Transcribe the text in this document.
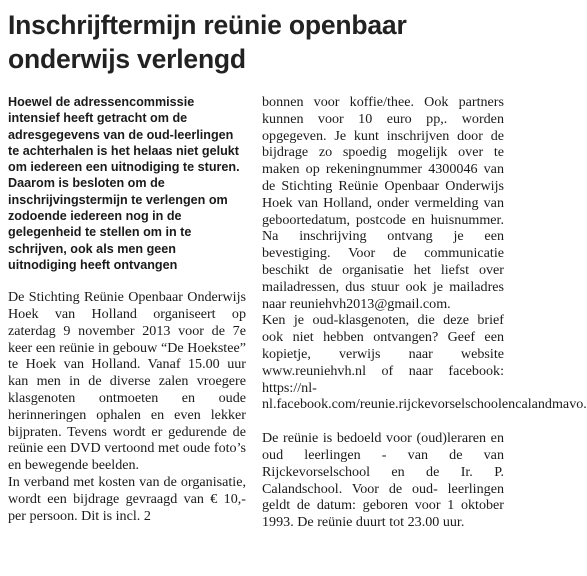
Inschrijftermijn reünie openbaar
onderwijs verlengd

Hoewel de adressencommissie intensief heeft getracht om de adresgegevens van de oud-leerlingen te achterhalen is het helaas niet gelukt om iedereen een uitnodiging te sturen. Daarom is besloten om de inschrijvingstermijn te verlengen om zodoende iedereen nog in de gelegenheid te stellen om in te schrijven, ook als men geen uitnodiging heeft ontvangen

De Stichting Reünie Openbaar Onderwijs Hoek van Holland organiseert op zaterdag 9 november 2013 voor de 7e keer een reünie in gebouw “De Hoekstee” te Hoek van Holland. Vanaf 15.00 uur kan men in de diverse zalen vroegere klasgenoten ontmoeten en oude herinneringen ophalen en even lekker bijpraten. Tevens wordt er gedurende de reünie een DVD vertoond met oude foto’s en bewegende beelden.

In verband met kosten van de organisatie, wordt een bijdrage gevraagd van € 10,- per persoon. Dit is incl. 2

bonnen voor koffie/thee. Ook partners kunnen voor 10 euro pp,. worden opgegeven. Je kunt inschrijven door de bijdrage zo spoedig mogelijk over te maken op rekeningnummer 4300046 van de Stichting Reünie Openbaar Onderwijs Hoek van Holland, onder vermelding van geboortedatum, postcode en huisnummer. Na inschrijving ontvang je een bevestiging. Voor de communicatie beschikt de organisatie het liefst over mailadressen, dus stuur ook je mailadres naar reuniehvh2013@gmail.com.

Ken je oud-klasgenoten, die deze brief ook niet hebben ontvangen? Geef een kopietje, verwijs naar website www.reuniehvh.nl of naar facebook: https://nl-nl.facebook.com/reunie.rijckevorselschoolencalandmavo.

De reünie is bedoeld voor (oud)leraren en oud leerlingen - van de van Rijckevorselschool en de Ir. P. Calandschool. Voor de oud- leerlingen geldt de datum: geboren voor 1 oktober 1993. De reünie duurt tot 23.00 uur.
